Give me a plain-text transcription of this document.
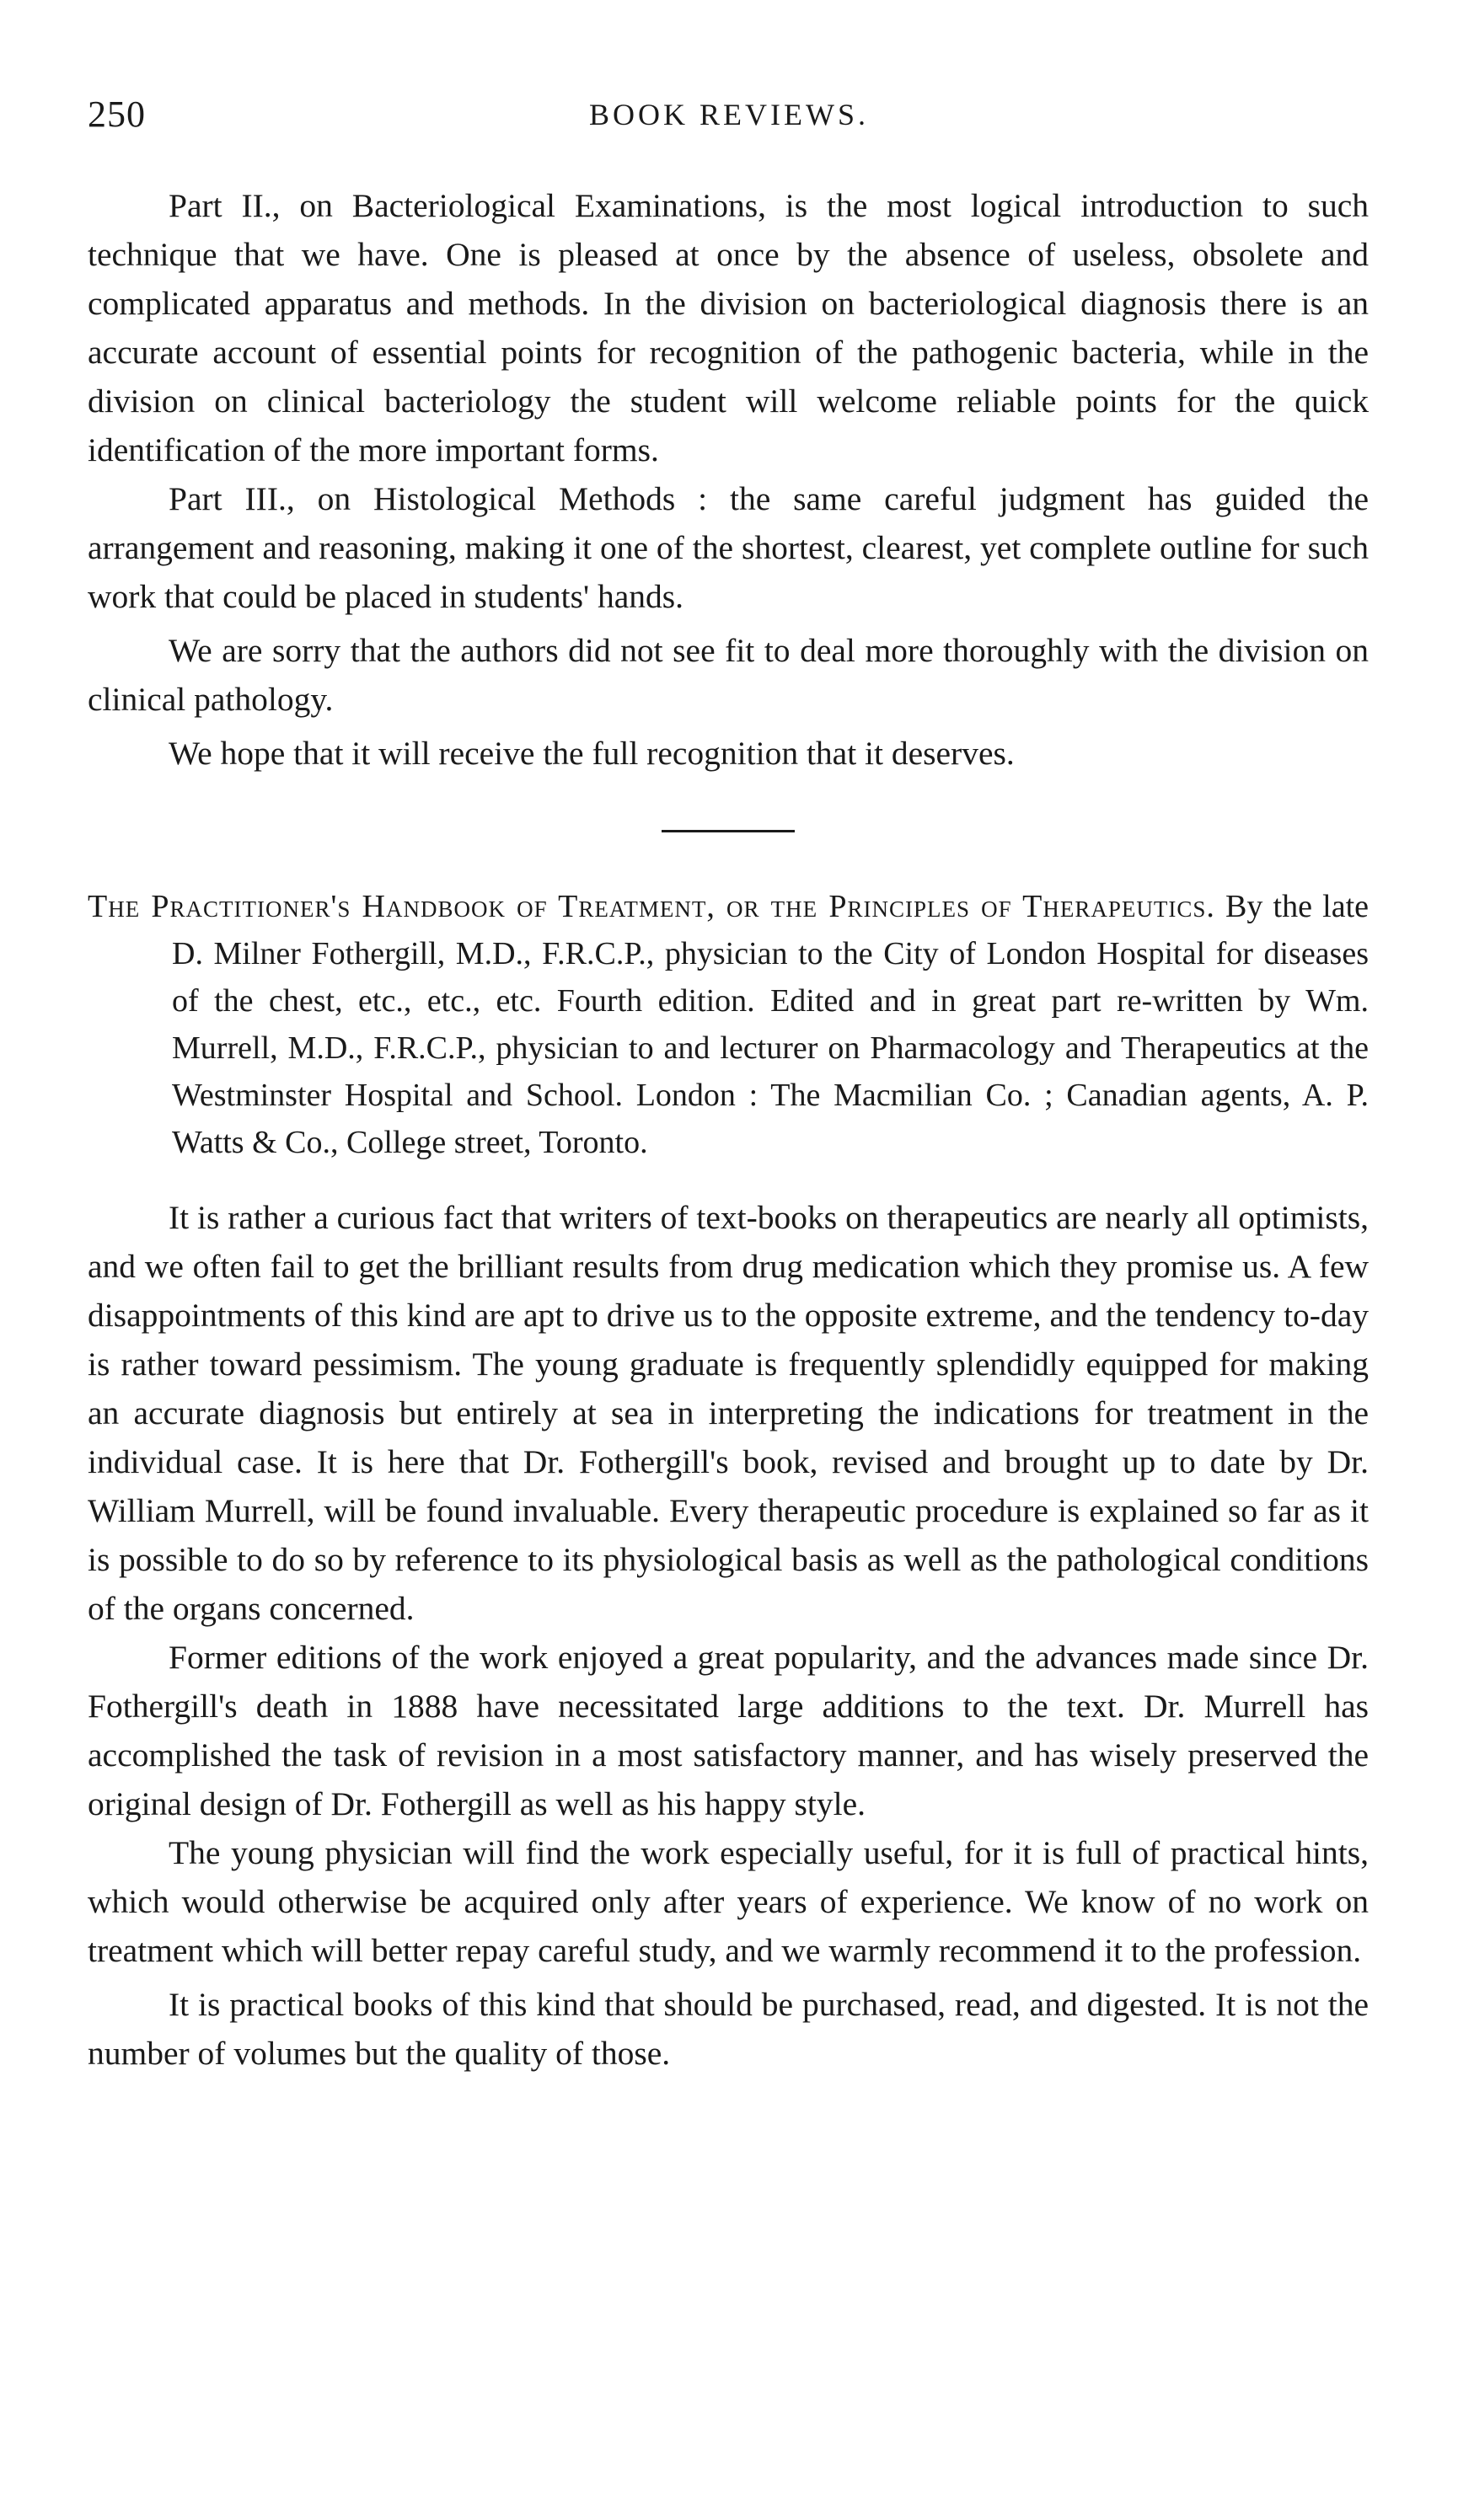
250	BOOK REVIEWS.

Part II., on Bacteriological Examinations, is the most logical introduction to such technique that we have. One is pleased at once by the absence of useless, obsolete and complicated apparatus and methods. In the division on bacteriological diagnosis there is an accurate account of essential points for recognition of the pathogenic bacteria, while in the division on clinical bacteriology the student will welcome reliable points for the quick identification of the more important forms.

Part III., on Histological Methods : the same careful judgment has guided the arrangement and reasoning, making it one of the shortest, clearest, yet complete outline for such work that could be placed in students' hands.

We are sorry that the authors did not see fit to deal more thoroughly with the division on clinical pathology.

We hope that it will receive the full recognition that it deserves.

The Practitioner's Handbook of Treatment, or the Principles of Therapeutics. By the late D. Milner Fothergill, M.D., F.R.C.P., physician to the City of London Hospital for diseases of the chest, etc., etc., etc. Fourth edition. Edited and in great part re-written by Wm. Murrell, M.D., F.R.C.P., physician to and lecturer on Pharmacology and Therapeutics at the Westminster Hospital and School. London : The Macmilian Co. ; Canadian agents, A. P. Watts & Co., College street, Toronto.

It is rather a curious fact that writers of text-books on therapeutics are nearly all optimists, and we often fail to get the brilliant results from drug medication which they promise us. A few disappointments of this kind are apt to drive us to the opposite extreme, and the tendency to-day is rather toward pessimism. The young graduate is frequently splendidly equipped for making an accurate diagnosis but entirely at sea in interpreting the indications for treatment in the individual case. It is here that Dr. Fothergill's book, revised and brought up to date by Dr. William Murrell, will be found invaluable. Every therapeutic procedure is explained so far as it is possible to do so by reference to its physiological basis as well as the pathological conditions of the organs concerned.

Former editions of the work enjoyed a great popularity, and the advances made since Dr. Fothergill's death in 1888 have necessitated large additions to the text. Dr. Murrell has accomplished the task of revision in a most satisfactory manner, and has wisely preserved the original design of Dr. Fothergill as well as his happy style.

The young physician will find the work especially useful, for it is full of practical hints, which would otherwise be acquired only after years of experience. We know of no work on treatment which will better repay careful study, and we warmly recommend it to the profession.

It is practical books of this kind that should be purchased, read, and digested. It is not the number of volumes but the quality of those.
